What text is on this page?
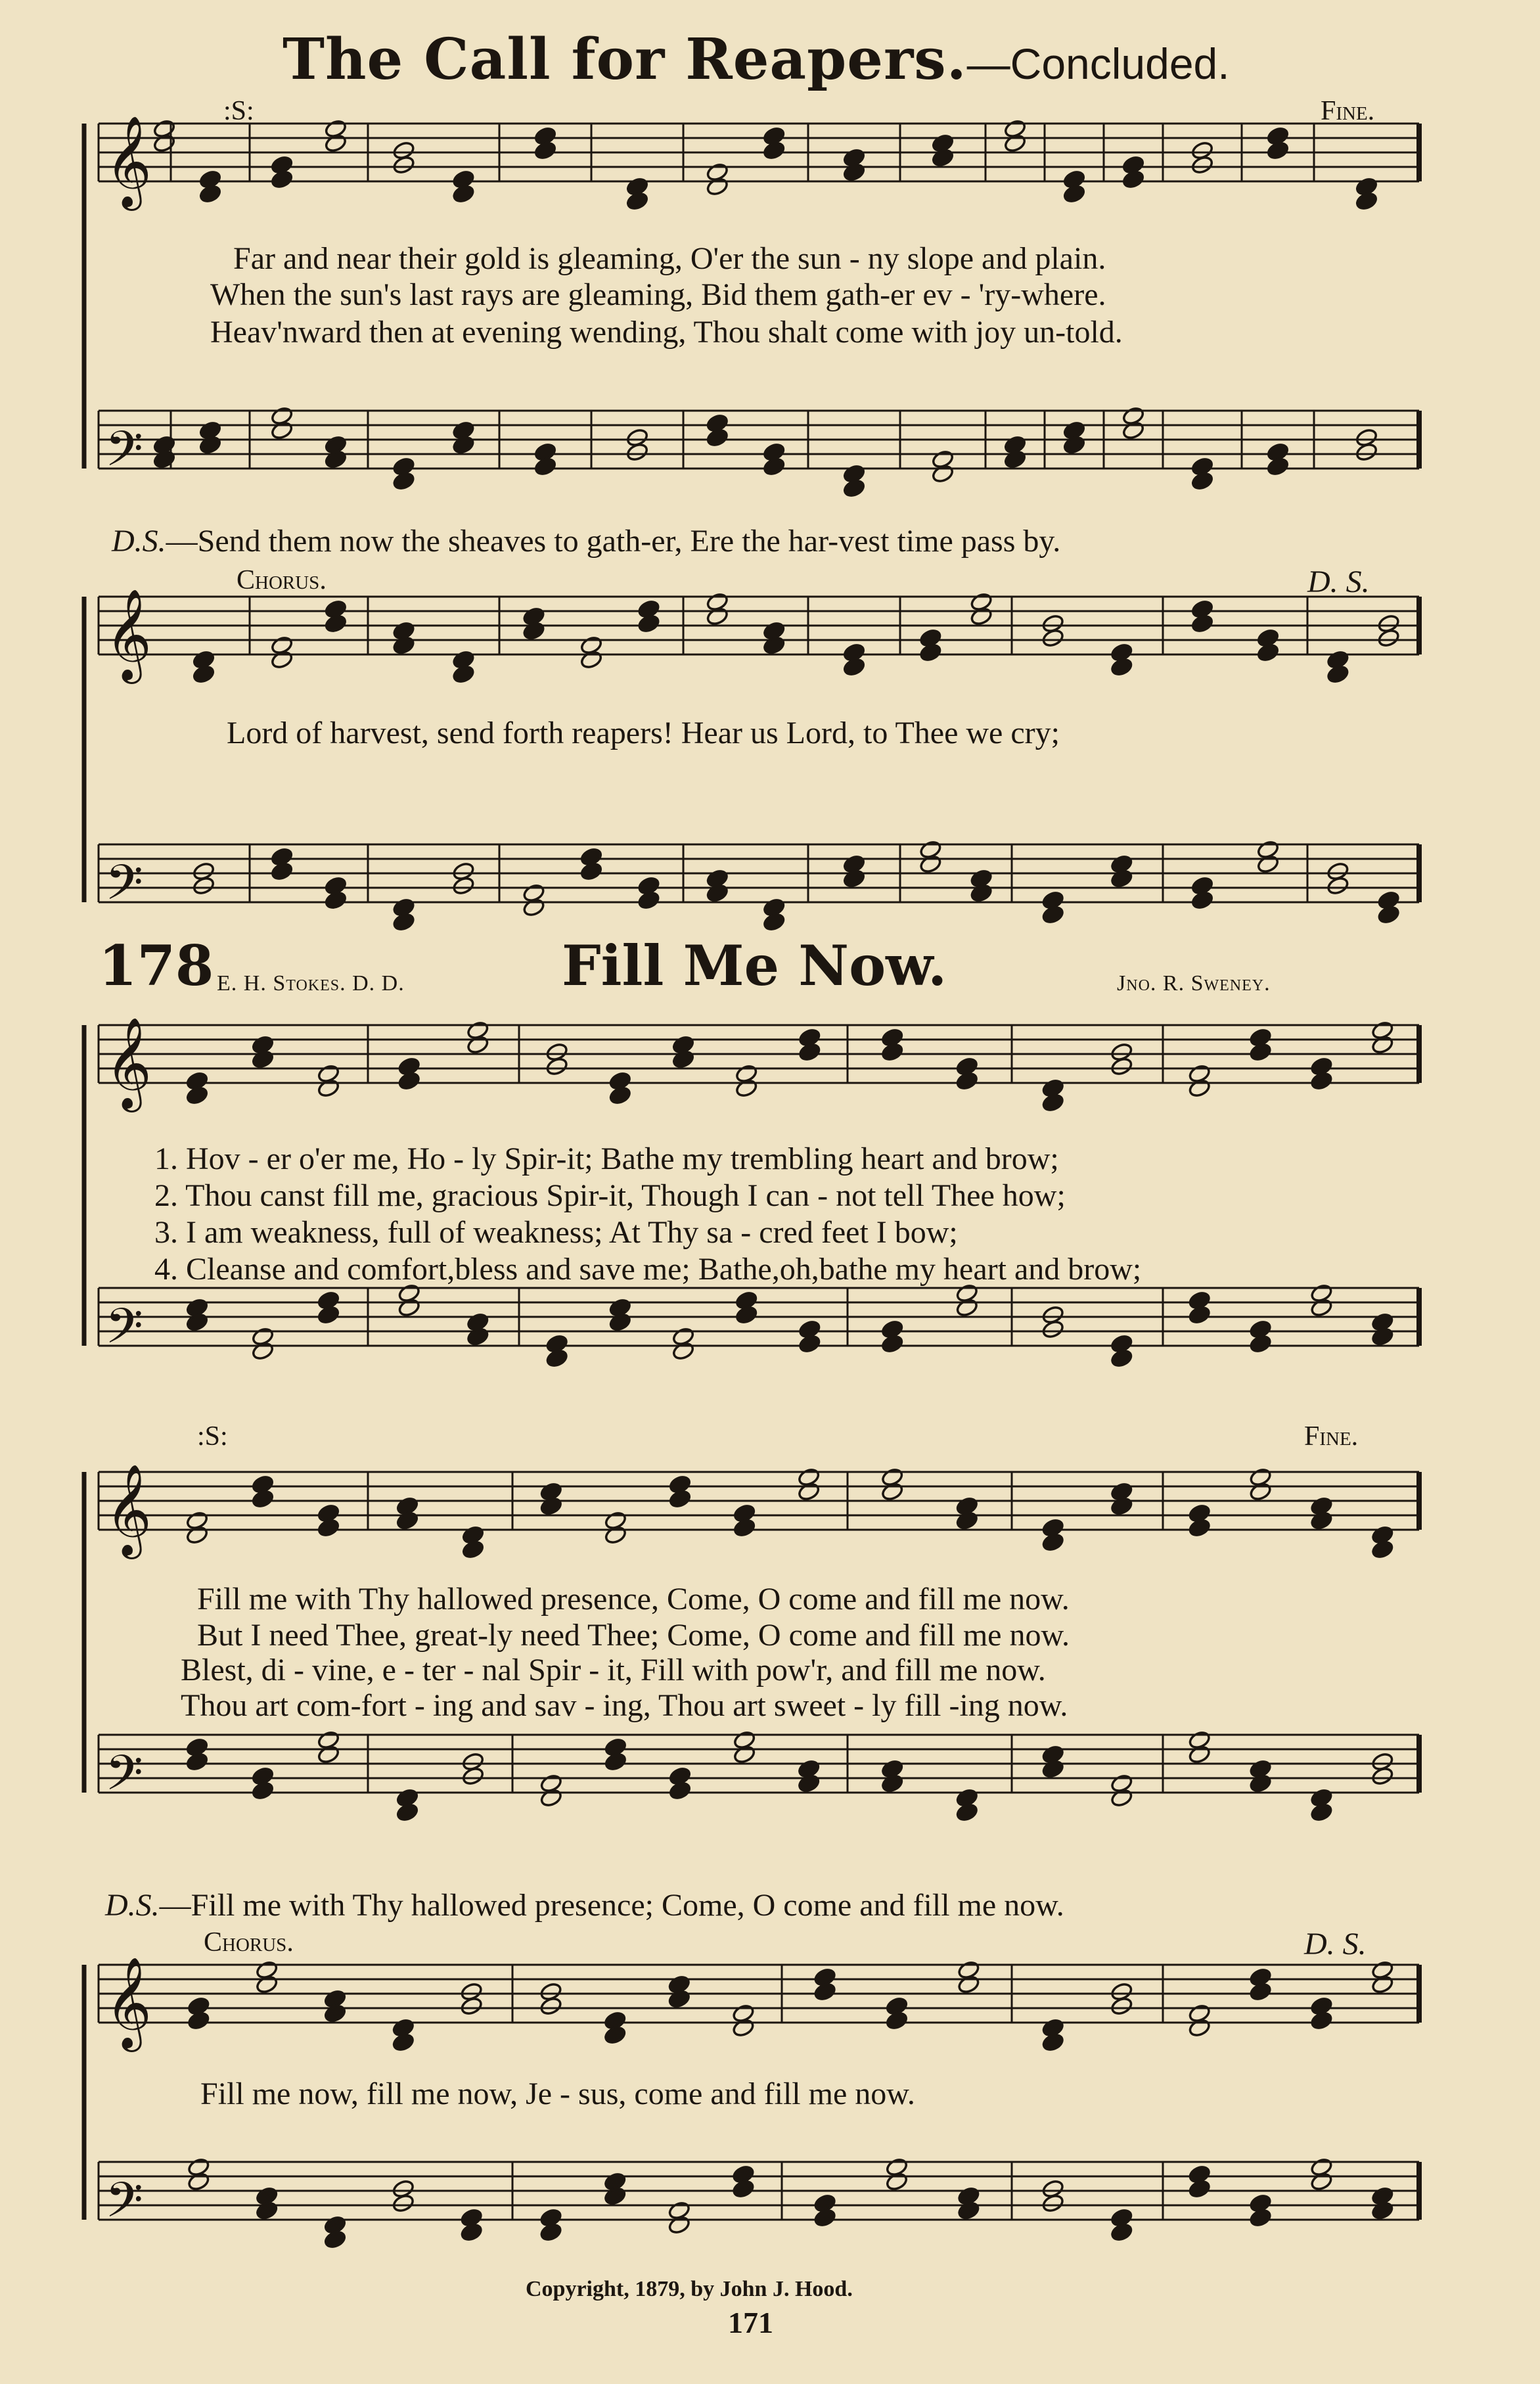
The Call for Reapers.—Concluded.
𝄞
𝄢
𝄞
𝄢
𝄞
𝄢
𝄞
𝄢
𝄞
𝄢
:S:	Fine.
Far and near their gold is gleaming, O'er the sun - ny slope and plain.
When the sun's last rays are gleaming, Bid them gath-er ev - 'ry-where.
Heav'nward then at evening wending, Thou shalt come with joy un-told.
D.S.—Send them now the sheaves to gath-er, Ere the har-vest time pass by.
Chorus.	D. S.
Lord of harvest, send forth reapers! Hear us Lord, to Thee we cry;
178 E. H. Stokes. D. D.	Fill Me Now.	Jno. R. Sweney.
1. Hov - er o'er me, Ho - ly Spir-it; Bathe my trembling heart and brow;
2. Thou canst fill me, gracious Spir-it, Though I can - not tell Thee how;
3. I am weakness, full of weakness; At Thy sa - cred feet I bow;
4. Cleanse and comfort,bless and save me; Bathe,oh,bathe my heart and brow;
:S:	Fine.
Fill me with Thy hallowed presence, Come, O come and fill me now.
But I need Thee, great-ly need Thee; Come, O come and fill me now.
Blest, di - vine, e - ter - nal Spir - it, Fill with pow'r, and fill me now.
Thou art com-fort - ing and sav - ing, Thou art sweet - ly fill -ing now.
D.S.—Fill me with Thy hallowed presence; Come, O come and fill me now.
Chorus.	D. S.
Fill me now, fill me now, Je - sus, come and fill me now.
Copyright, 1879, by John J. Hood.
171
